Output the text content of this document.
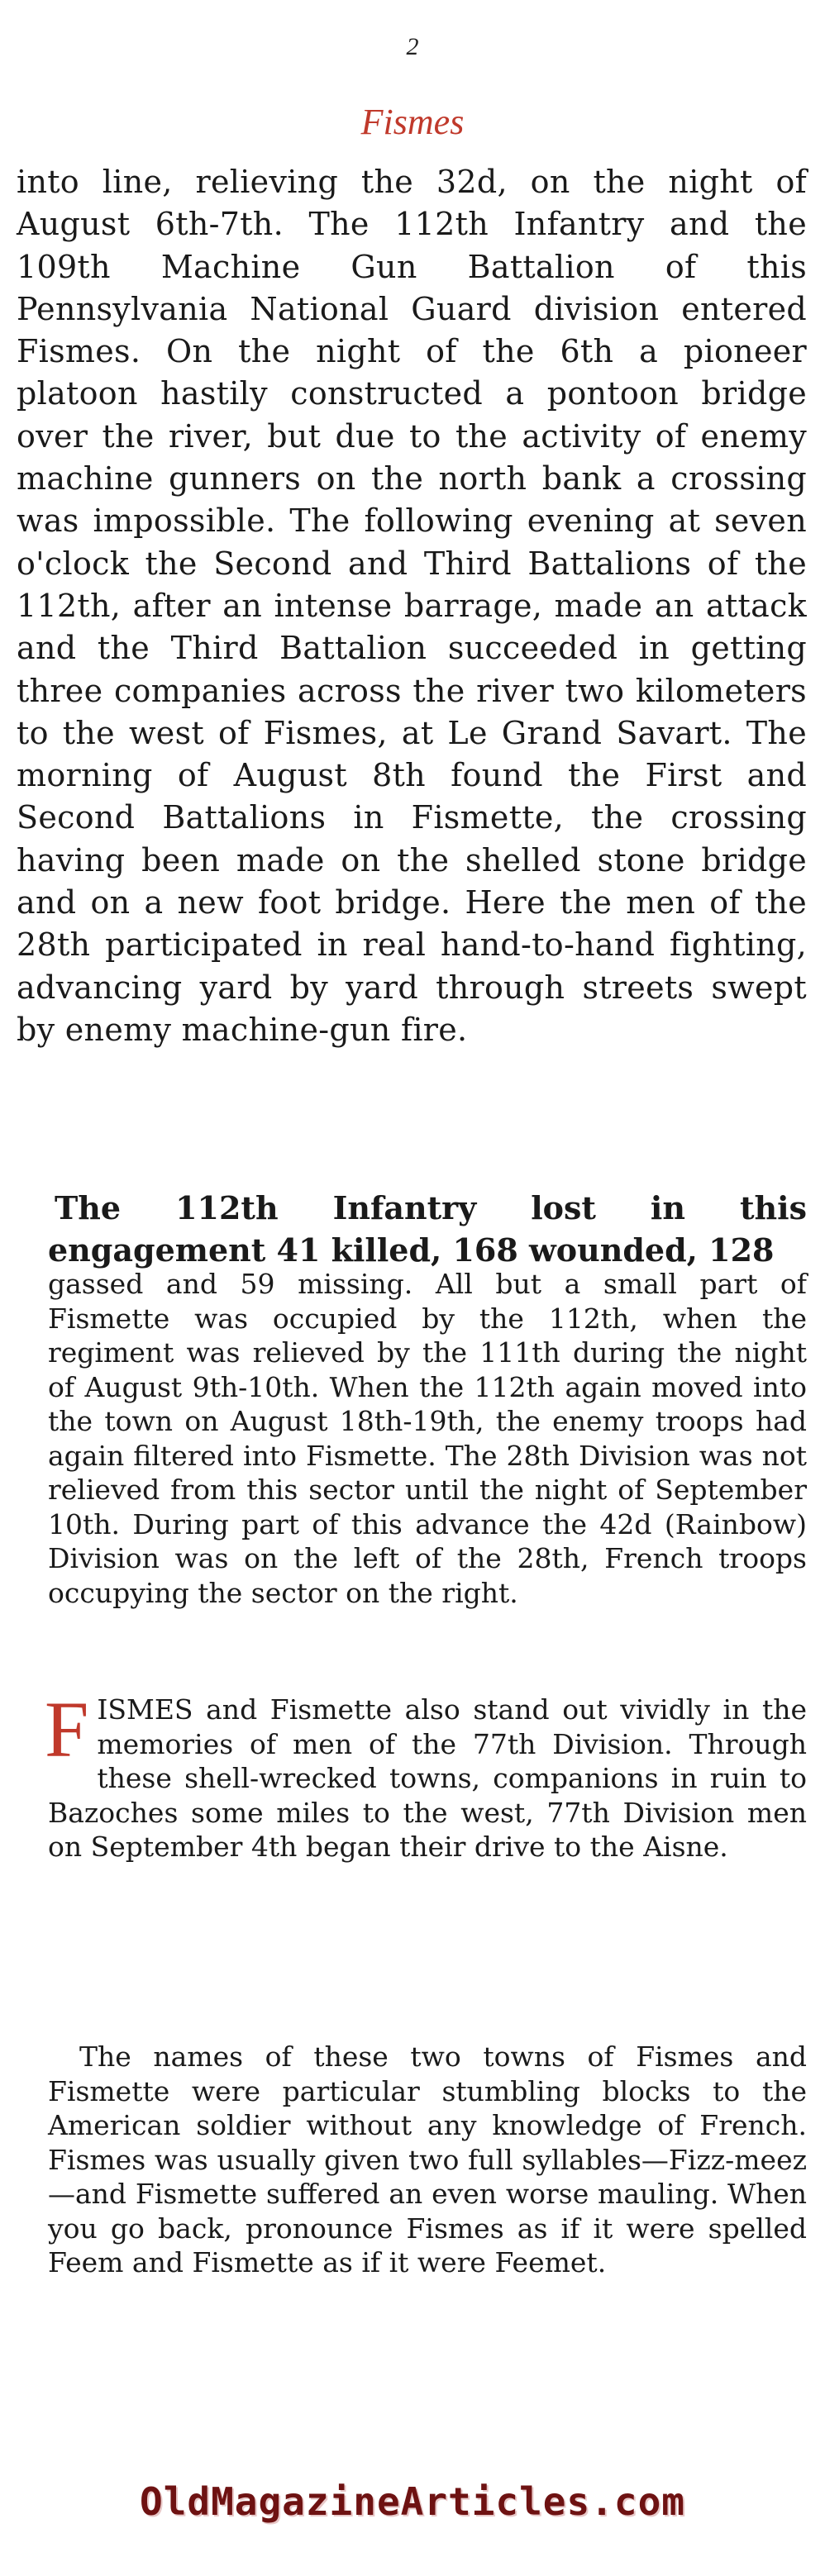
2
Fismes

into line, relieving the 32d, on the night of August 6th-7th. The 112th Infantry and the 109th Machine Gun Battalion of this Pennsylvania National Guard division entered Fismes. On the night of the 6th a pioneer platoon hastily constructed a pontoon bridge over the river, but due to the activity of enemy machine gunners on the north bank a crossing was impossible. The following evening at seven o'clock the Second and Third Battalions of the 112th, after an intense barrage, made an attack and the Third Battalion succeeded in getting three companies across the river two kilometers to the west of Fismes, at Le Grand Savart. The morning of August 8th found the First and Second Battalions in Fismette, the crossing having been made on the shelled stone bridge and on a new foot bridge. Here the men of the 28th participated in real hand-to-hand fighting, advancing yard by yard through streets swept by enemy machine-gun fire.

The 112th Infantry lost in this engagement 41 killed, 168 wounded, 128

gassed and 59 missing. All but a small part of Fismette was occupied by the 112th, when the regiment was relieved by the 111th during the night of August 9th-10th. When the 112th again moved into the town on August 18th-19th, the enemy troops had again filtered into Fismette. The 28th Division was not relieved from this sector until the night of September 10th. During part of this advance the 42d (Rainbow) Division was on the left of the 28th, French troops occupying the sector on the right.

FISMES and Fismette also stand out vividly in the memories of men of the 77th Division. Through these shell-wrecked towns, companions in ruin to Bazoches some miles to the west, 77th Division men on September 4th began their drive to the Aisne.

The names of these two towns of Fismes and Fismette were particular stumbling blocks to the American soldier without any knowledge of French. Fismes was usually given two full syllables—Fizz-meez—and Fismette suffered an even worse mauling. When you go back, pronounce Fismes as if it were spelled Feem and Fismette as if it were Feemet.

OldMagazineArticles.com
